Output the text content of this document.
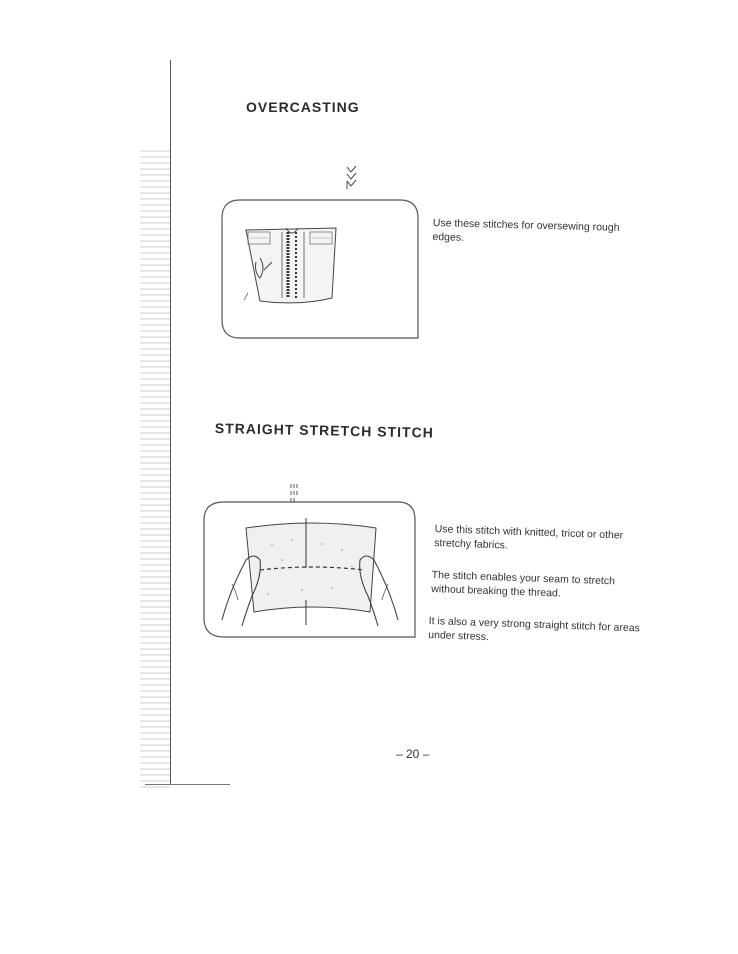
OVERCASTING
Use these stitches for oversewing rough edges.
STRAIGHT STRETCH STITCH
Use this stitch with knitted, tricot or other stretchy fabrics.
The stitch enables your seam to stretch without breaking the thread.
It is also a very strong straight stitch for areas under stress.
– 20 –
